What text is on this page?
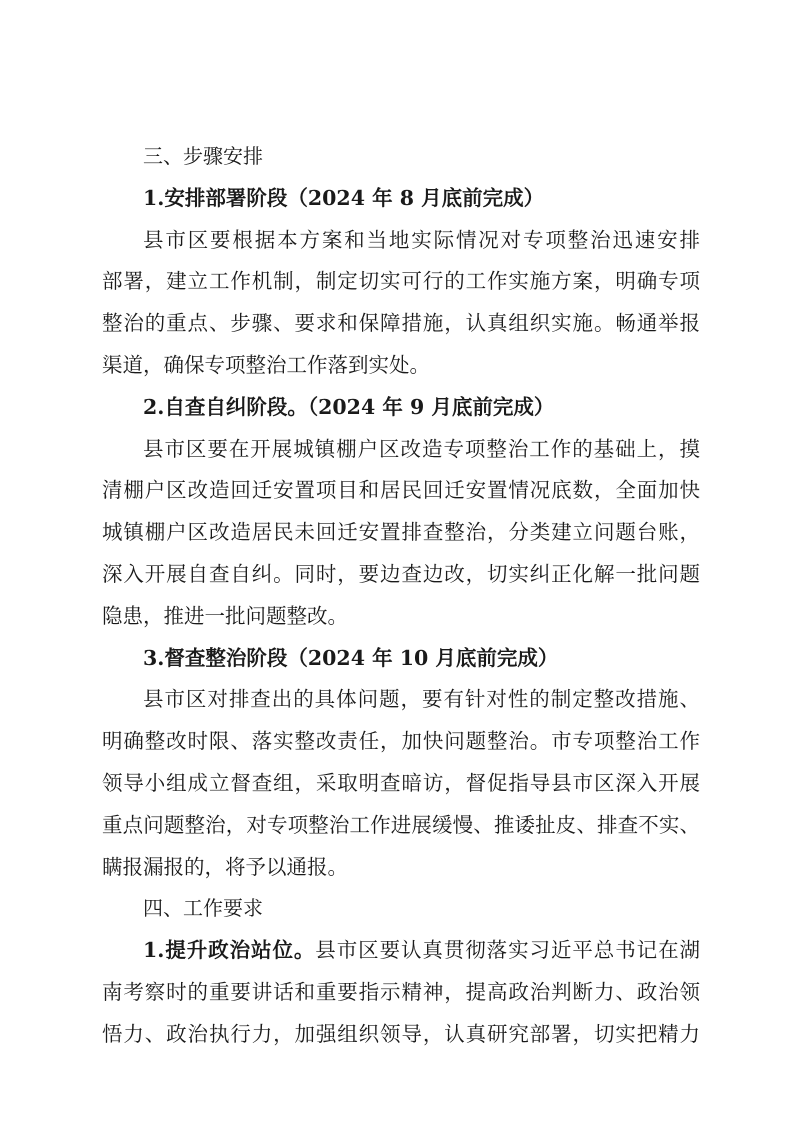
三、步骤安排
1.安排部署阶段（2024 年 8 月底前完成）
县市区要根据本方案和当地实际情况对专项整治迅速安排
部署，建立工作机制，制定切实可行的工作实施方案，明确专项
整治的重点、步骤、要求和保障措施，认真组织实施。畅通举报
渠道，确保专项整治工作落到实处。
2.自查自纠阶段。（2024 年 9 月底前完成）
县市区要在开展城镇棚户区改造专项整治工作的基础上，摸
清棚户区改造回迁安置项目和居民回迁安置情况底数，全面加快
城镇棚户区改造居民未回迁安置排查整治，分类建立问题台账，
深入开展自查自纠。同时，要边查边改，切实纠正化解一批问题
隐患，推进一批问题整改。
3.督查整治阶段（2024 年 10 月底前完成）
县市区对排查出的具体问题，要有针对性的制定整改措施、
明确整改时限、落实整改责任，加快问题整治。市专项整治工作
领导小组成立督查组，采取明查暗访，督促指导县市区深入开展
重点问题整治，对专项整治工作进展缓慢、推诿扯皮、排查不实、
瞒报漏报的，将予以通报。
四、工作要求
1.提升政治站位。县市区要认真贯彻落实习近平总书记在湖
南考察时的重要讲话和重要指示精神，提高政治判断力、政治领
悟力、政治执行力，加强组织领导，认真研究部署，切实把精力
